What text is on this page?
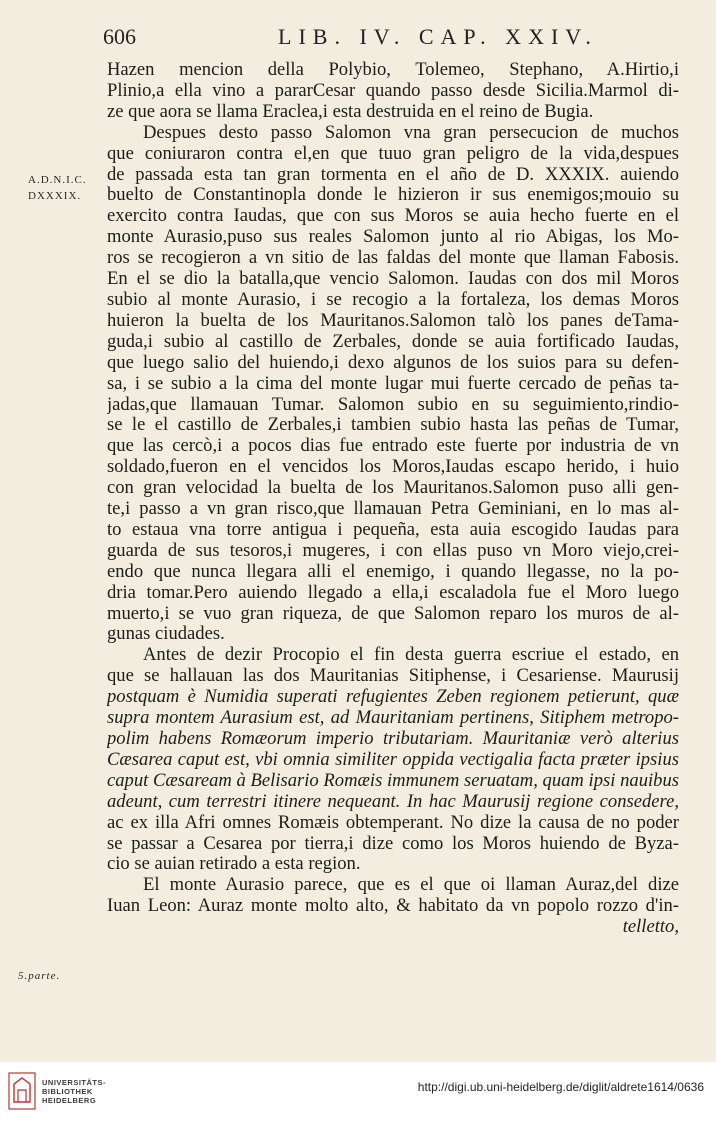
606	LIB. IV. CAP. XXIV.
A.D.N.I.C.
DXXXIX.
5.parte.
Hazen mencion della Polybio, Tolemeo, Stephano, A.Hirtio,i
Plinio,a ella vino a pararCesar quando passo desde Sicilia.Marmol di-
ze que aora se llama Eraclea,i esta destruida en el reino de Bugia.
Despues desto passo Salomon vna gran persecucion de muchos
que coniuraron contra el,en que tuuo gran peligro de la vida,despues
de passada esta tan gran tormenta en el año de D. XXXIX. auiendo
buelto de Constantinopla donde le hizieron ir sus enemigos;mouio su
exercito contra Iaudas, que con sus Moros se auia hecho fuerte en el
monte Aurasio,puso sus reales Salomon junto al rio Abigas, los Mo-
ros se recogieron a vn sitio de las faldas del monte que llaman Fabosis.
En el se dio la batalla,que vencio Salomon. Iaudas con dos mil Moros
subio al monte Aurasio, i se recogio a la fortaleza, los demas Moros
huieron la buelta de los Mauritanos.Salomon talò los panes deTama-
guda,i subio al castillo de Zerbales, donde se auia fortificado Iaudas,
que luego salio del huiendo,i dexo algunos de los suios para su defen-
sa, i se subio a la cima del monte lugar mui fuerte cercado de peñas ta-
jadas,que llamauan Tumar. Salomon subio en su seguimiento,rindio-
se le el castillo de Zerbales,i tambien subio hasta las peñas de Tumar,
que las cercò,i a pocos dias fue entrado este fuerte por industria de vn
soldado,fueron en el vencidos los Moros,Iaudas escapo herido, i huio
con gran velocidad la buelta de los Mauritanos.Salomon puso alli gen-
te,i passo a vn gran risco,que llamauan Petra Geminiani, en lo mas al-
to estaua vna torre antigua i pequeña, esta auia escogido Iaudas para
guarda de sus tesoros,i mugeres, i con ellas puso vn Moro viejo,crei-
endo que nunca llegara alli el enemigo, i quando llegasse, no la po-
dria tomar.Pero auiendo llegado a ella,i escaladola fue el Moro luego
muerto,i se vuo gran riqueza, de que Salomon reparo los muros de al-
gunas ciudades.
Antes de dezir Procopio el fin desta guerra escriue el estado, en
que se hallauan las dos Mauritanias Sitiphense, i Cesariense. Maurusij
postquam è Numidia superati refugientes Zeben regionem petierunt, quæ
supra montem Aurasium est, ad Mauritaniam pertinens, Sitiphem metropo-
polim habens Romæorum imperio tributariam. Mauritaniæ verò alterius
Cæsarea caput est, vbi omnia similiter oppida vectigalia facta præter ipsius
caput Cæsaream à Belisario Romæis immunem seruatam, quam ipsi nauibus
adeunt, cum terrestri itinere nequeant. In hac Maurusij regione consedere,
ac ex illa Afri omnes Romæis obtemperant. No dize la causa de no poder
se passar a Cesarea por tierra,i dize como los Moros huiendo de Byza-
cio se auian retirado a esta region.
El monte Aurasio parece, que es el que oi llaman Auraz,del dize
Iuan Leon: Auraz monte molto alto, & habitato da vn popolo rozzo d'in-
telletto,
UNIVERSITÄTS-
BIBLIOTHEK
HEIDELBERG
http://digi.ub.uni-heidelberg.de/diglit/aldrete1614/0636
